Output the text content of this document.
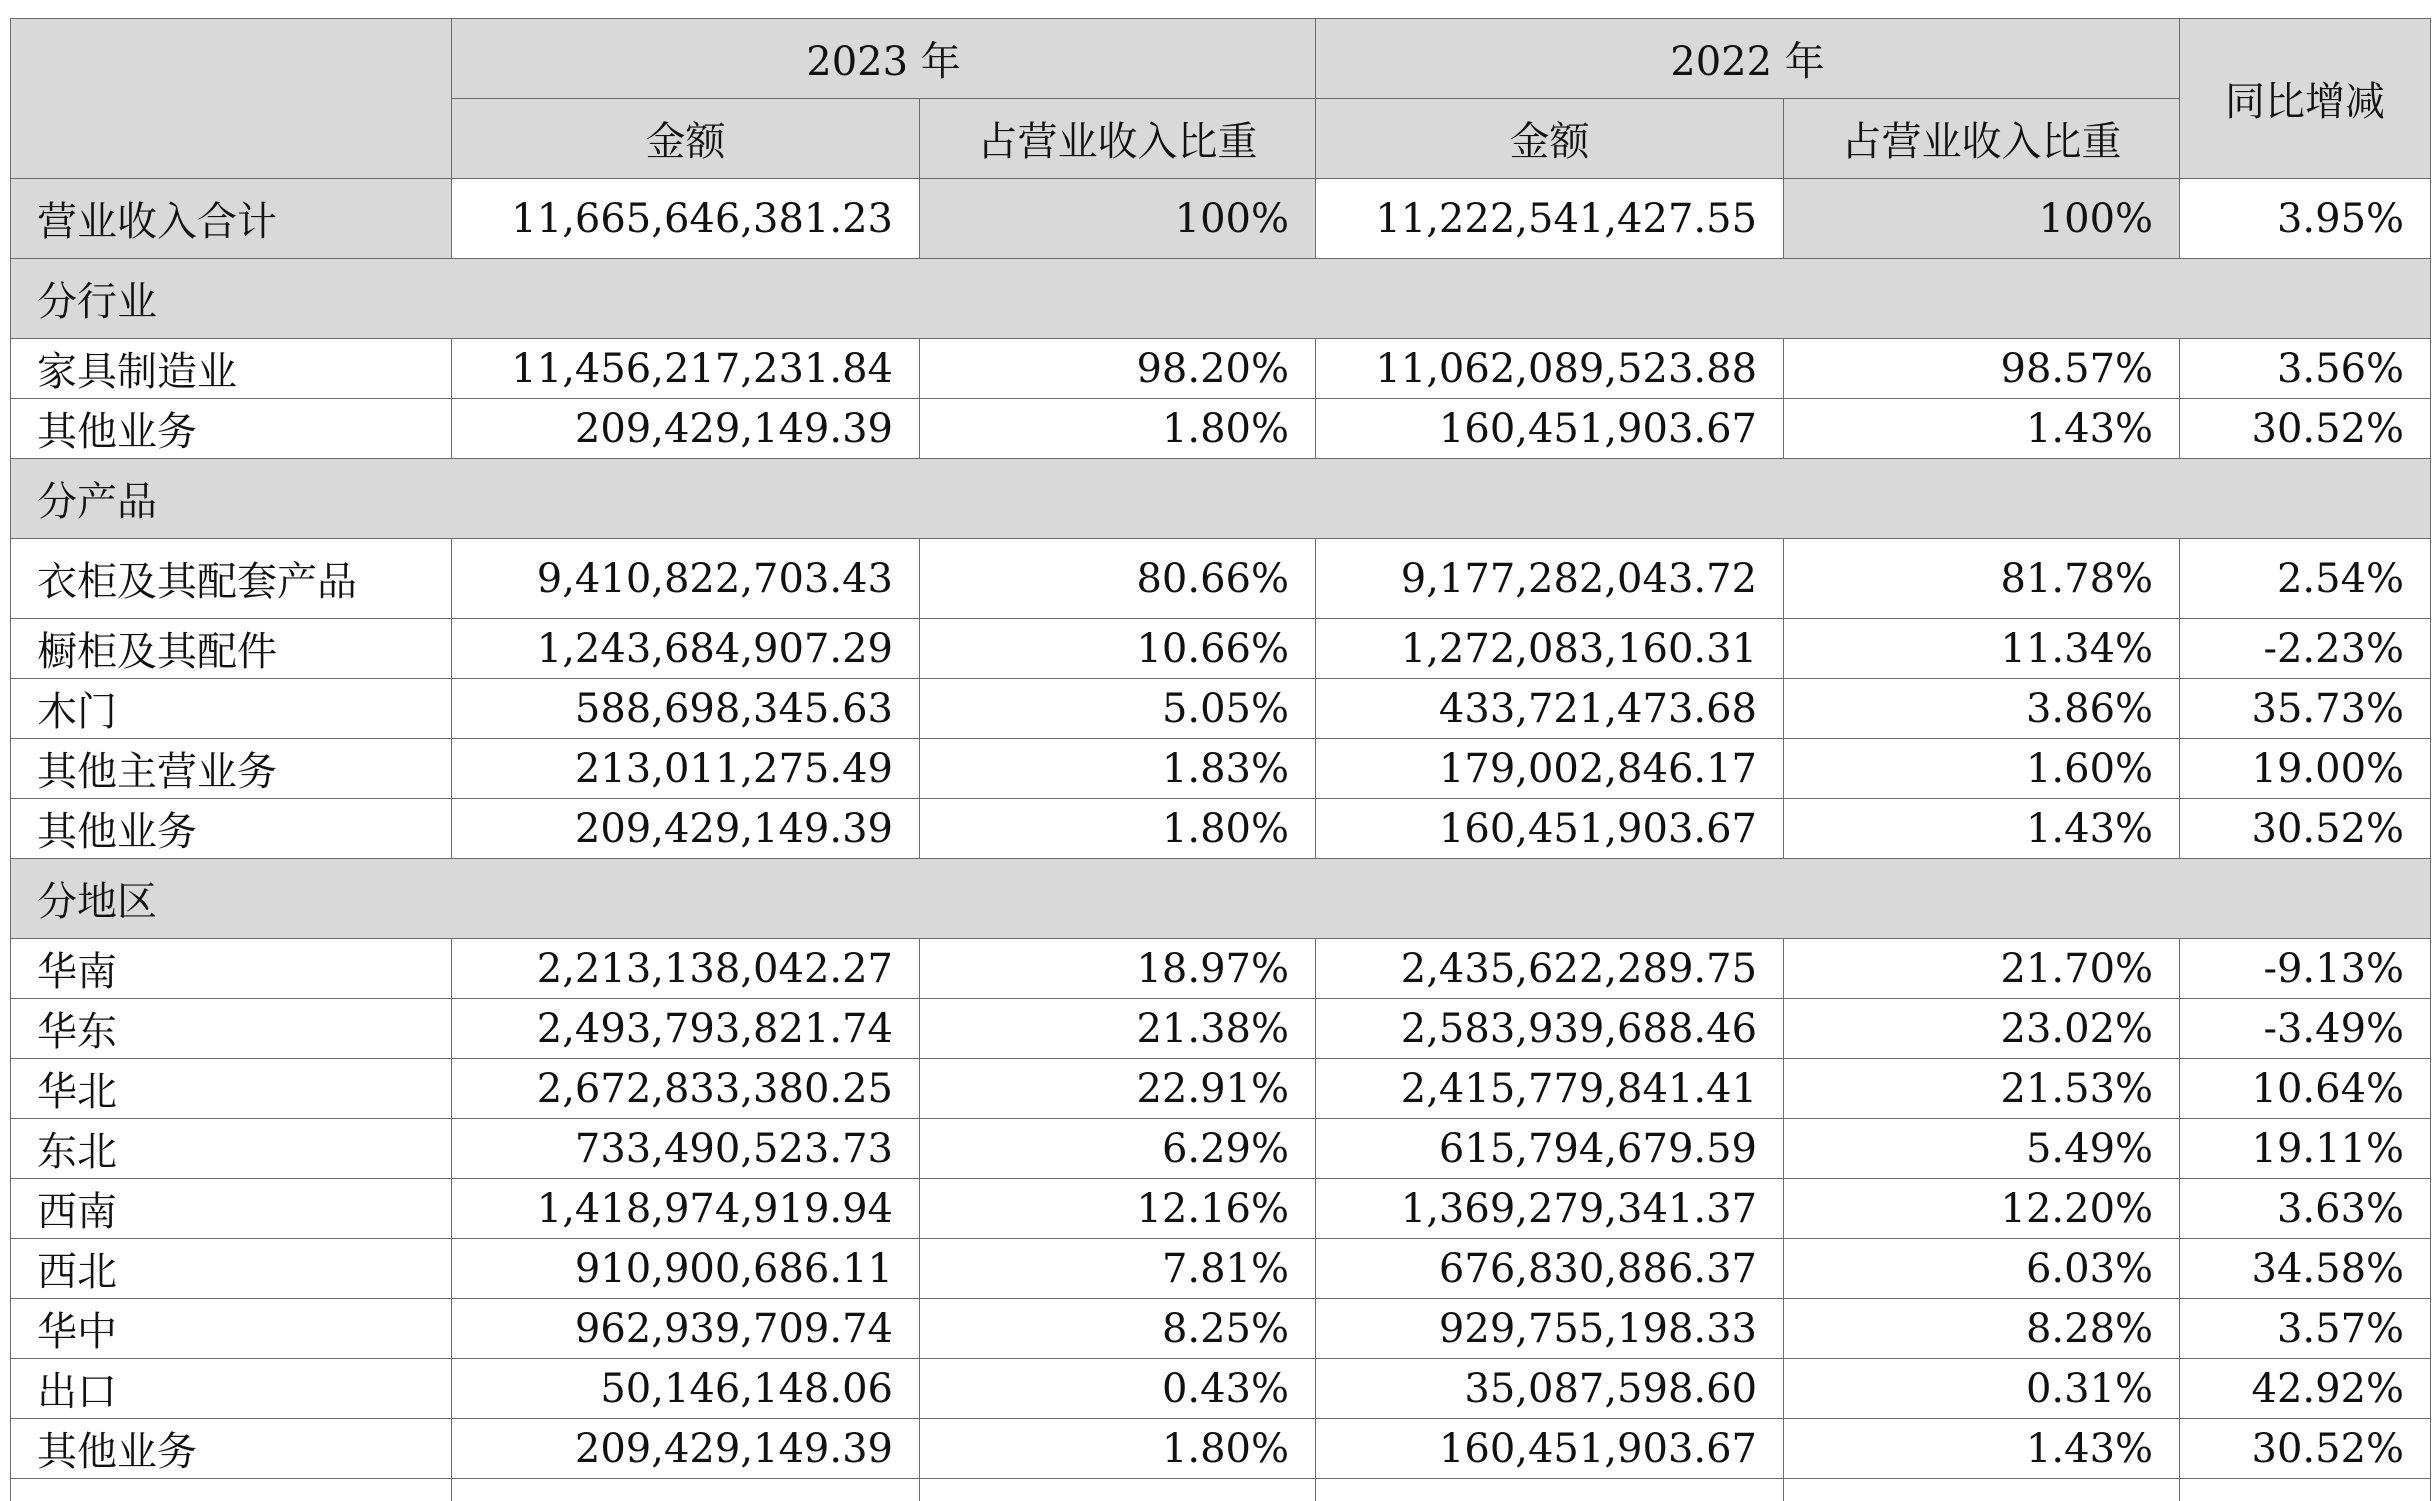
	2023 年		2022 年		同比增减
	金额	占营业收入比重	金额	占营业收入比重	
营业收入合计	11,665,646,381.23	100%	11,222,541,427.55	100%	3.95%
分行业					
家具制造业	11,456,217,231.84	98.20%	11,062,089,523.88	98.57%	3.56%
其他业务	209,429,149.39	1.80%	160,451,903.67	1.43%	30.52%
分产品					
衣柜及其配套产品	9,410,822,703.43	80.66%	9,177,282,043.72	81.78%	2.54%
橱柜及其配件	1,243,684,907.29	10.66%	1,272,083,160.31	11.34%	-2.23%
木门	588,698,345.63	5.05%	433,721,473.68	3.86%	35.73%
其他主营业务	213,011,275.49	1.83%	179,002,846.17	1.60%	19.00%
其他业务	209,429,149.39	1.80%	160,451,903.67	1.43%	30.52%
分地区					
华南	2,213,138,042.27	18.97%	2,435,622,289.75	21.70%	-9.13%
华东	2,493,793,821.74	21.38%	2,583,939,688.46	23.02%	-3.49%
华北	2,672,833,380.25	22.91%	2,415,779,841.41	21.53%	10.64%
东北	733,490,523.73	6.29%	615,794,679.59	5.49%	19.11%
西南	1,418,974,919.94	12.16%	1,369,279,341.37	12.20%	3.63%
西北	910,900,686.11	7.81%	676,830,886.37	6.03%	34.58%
华中	962,939,709.74	8.25%	929,755,198.33	8.28%	3.57%
出口	50,146,148.06	0.43%	35,087,598.60	0.31%	42.92%
其他业务	209,429,149.39	1.80%	160,451,903.67	1.43%	30.52%
